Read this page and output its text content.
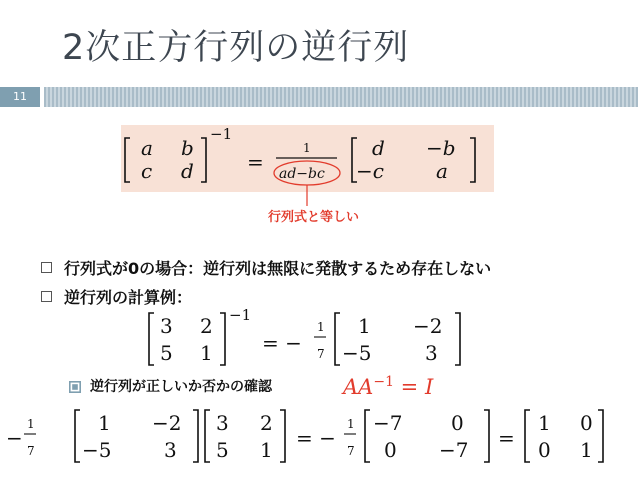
2次正方行列の逆行列
11
a b
c d
−1
=
1
ad−bc
d −b
−c	a
3 2
5 1
−1
= −
1
7
1 −2
−5	3
−
1
7
1 −2
−5	3
3 2
5 1 = −
1
7
−7 0
0 −7 =
1 0
0 1
行列式と等しい
行列式が0の場合：逆行列は無限に発散するため存在しない
逆行列の計算例：
逆行列が正しいか否かの確認	$AA^{-1} = I$
